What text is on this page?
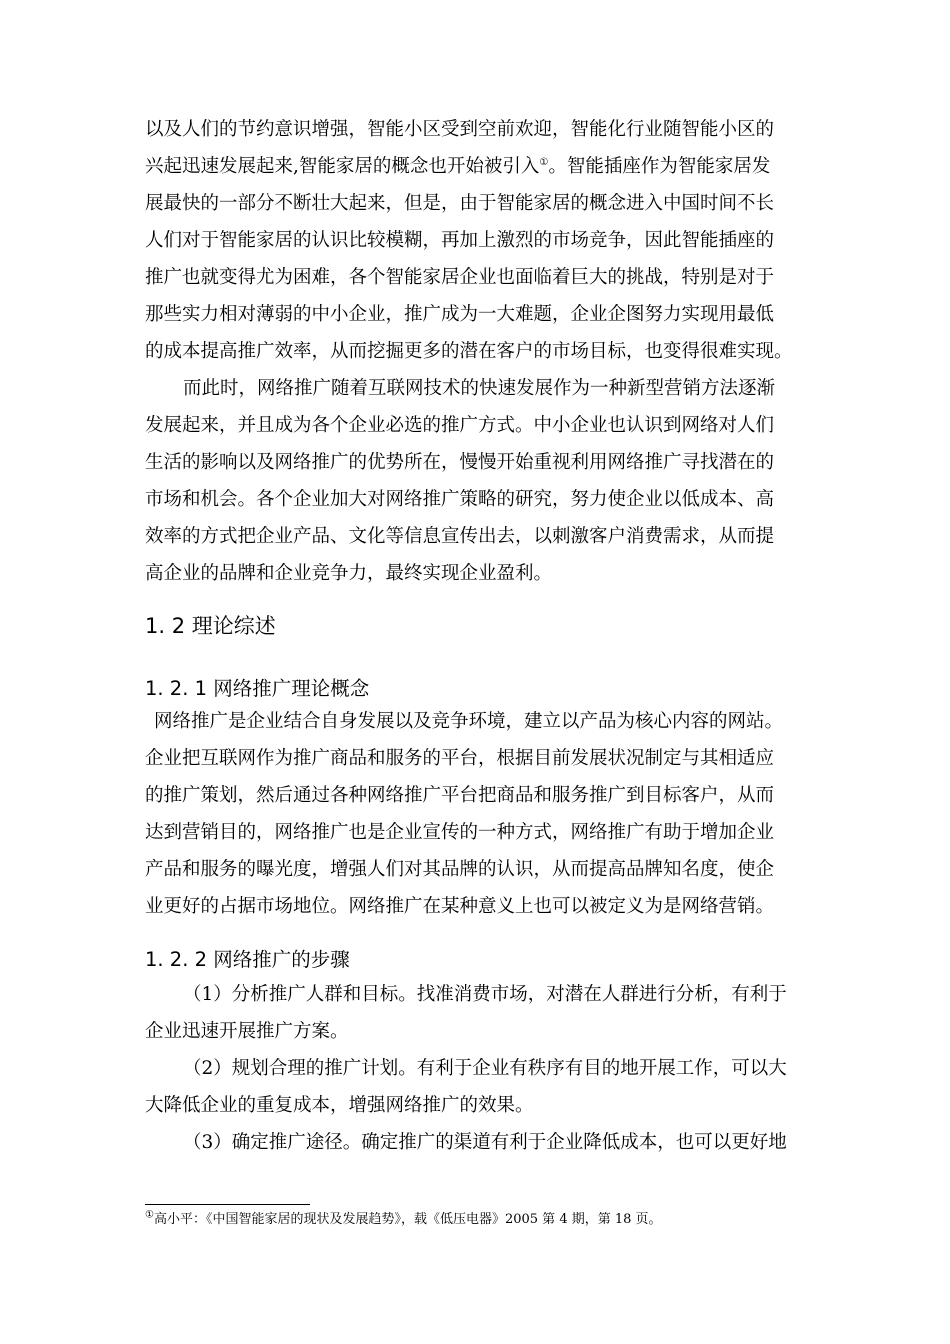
以及人们的节约意识增强，智能小区受到空前欢迎，智能化行业随智能小区的
兴起迅速发展起来,智能家居的概念也开始被引入①。智能插座作为智能家居发
展最快的一部分不断壮大起来，但是，由于智能家居的概念进入中国时间不长
人们对于智能家居的认识比较模糊，再加上激烈的市场竞争，因此智能插座的
推广也就变得尤为困难，各个智能家居企业也面临着巨大的挑战，特别是对于
那些实力相对薄弱的中小企业，推广成为一大难题，企业企图努力实现用最低
的成本提高推广效率，从而挖掘更多的潜在客户的市场目标，也变得很难实现。
而此时，网络推广随着互联网技术的快速发展作为一种新型营销方法逐渐
发展起来，并且成为各个企业必选的推广方式。中小企业也认识到网络对人们
生活的影响以及网络推广的优势所在，慢慢开始重视利用网络推广寻找潜在的
市场和机会。各个企业加大对网络推广策略的研究，努力使企业以低成本、高
效率的方式把企业产品、文化等信息宣传出去，以刺激客户消费需求，从而提
高企业的品牌和企业竞争力，最终实现企业盈利。
1. 2 理论综述
1. 2. 1 网络推广理论概念
网络推广是企业结合自身发展以及竞争环境，建立以产品为核心内容的网站。
企业把互联网作为推广商品和服务的平台，根据目前发展状况制定与其相适应
的推广策划，然后通过各种网络推广平台把商品和服务推广到目标客户，从而
达到营销目的，网络推广也是企业宣传的一种方式，网络推广有助于增加企业
产品和服务的曝光度，增强人们对其品牌的认识，从而提高品牌知名度，使企
业更好的占据市场地位。网络推广在某种意义上也可以被定义为是网络营销。
1. 2. 2 网络推广的步骤
（1）分析推广人群和目标。找准消费市场，对潜在人群进行分析，有利于
企业迅速开展推广方案。
（2）规划合理的推广计划。有利于企业有秩序有目的地开展工作，可以大
大降低企业的重复成本，增强网络推广的效果。
（3）确定推广途径。确定推广的渠道有利于企业降低成本，也可以更好地
①高小平：《中国智能家居的现状及发展趋势》，载《低压电器》2005 第 4 期，第 18 页。
